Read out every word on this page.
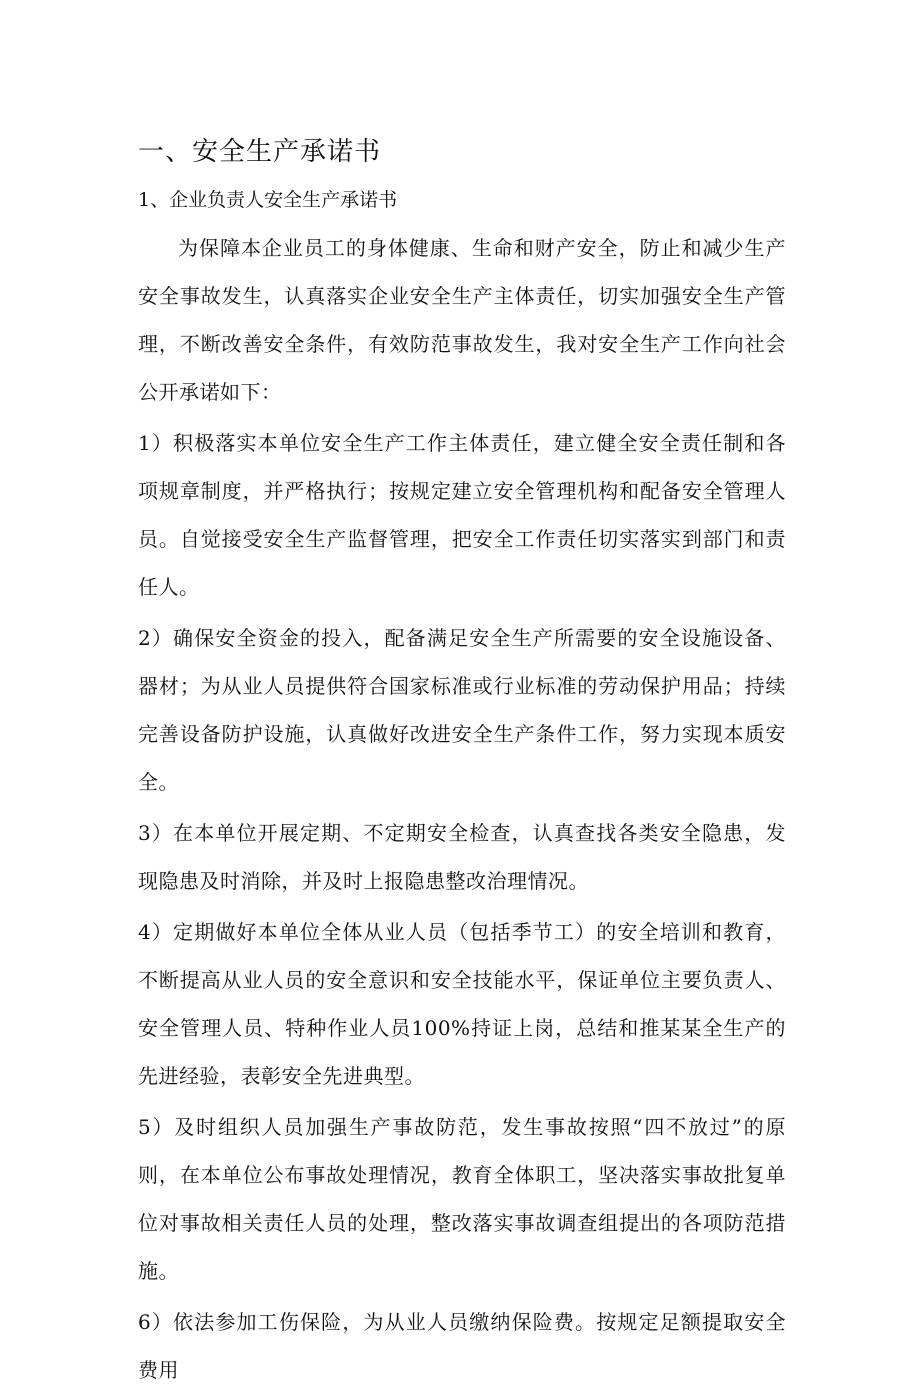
一、安全生产承诺书
1、企业负责人安全生产承诺书

为保障本企业员工的身体健康、生命和财产安全，防止和减少生产安全事故发生，认真落实企业安全生产主体责任，切实加强安全生产管理，不断改善安全条件，有效防范事故发生，我对安全生产工作向社会公开承诺如下：

1）积极落实本单位安全生产工作主体责任，建立健全安全责任制和各项规章制度，并严格执行；按规定建立安全管理机构和配备安全管理人员。自觉接受安全生产监督管理，把安全工作责任切实落实到部门和责任人。

2）确保安全资金的投入，配备满足安全生产所需要的安全设施设备、器材；为从业人员提供符合国家标准或行业标准的劳动保护用品；持续完善设备防护设施，认真做好改进安全生产条件工作，努力实现本质安全。

3）在本单位开展定期、不定期安全检查，认真查找各类安全隐患，发现隐患及时消除，并及时上报隐患整改治理情况。

4）定期做好本单位全体从业人员（包括季节工）的安全培训和教育，不断提高从业人员的安全意识和安全技能水平，保证单位主要负责人、安全管理人员、特种作业人员100%持证上岗，总结和推某某全生产的先进经验，表彰安全先进典型。

5）及时组织人员加强生产事故防范，发生事故按照“四不放过”的原则，在本单位公布事故处理情况，教育全体职工，坚决落实事故批复单位对事故相关责任人员的处理，整改落实事故调查组提出的各项防范措施。

6）依法参加工伤保险，为从业人员缴纳保险费。按规定足额提取安全费用
